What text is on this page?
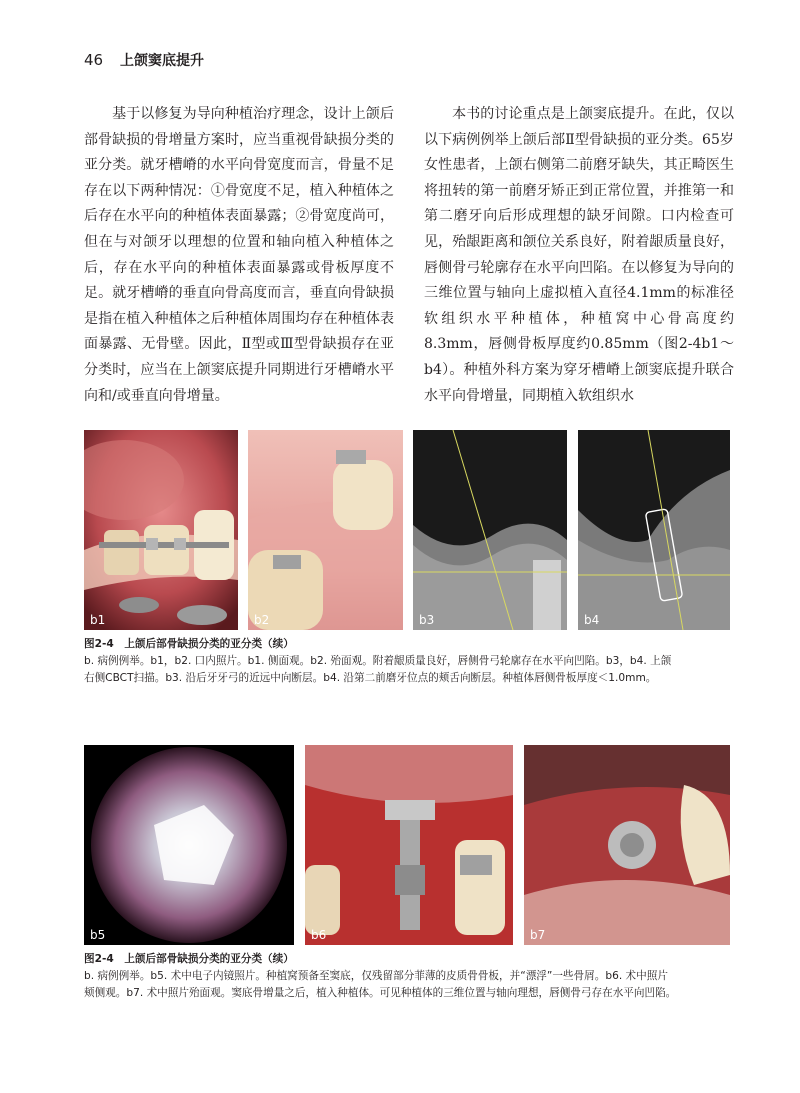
46 上颌窦底提升

基于以修复为导向种植治疗理念，设计上颌后部骨缺损的骨增量方案时，应当重视骨缺损分类的亚分类。就牙槽嵴的水平向骨宽度而言，骨量不足存在以下两种情况：①骨宽度不足，植入种植体之后存在水平向的种植体表面暴露；②骨宽度尚可，但在与对颌牙以理想的位置和轴向植入种植体之后，存在水平向的种植体表面暴露或骨板厚度不足。就牙槽嵴的垂直向骨高度而言，垂直向骨缺损是指在植入种植体之后种植体周围均存在种植体表面暴露、无骨壁。因此，Ⅱ型或Ⅲ型骨缺损存在亚分类时，应当在上颌窦底提升同期进行牙槽嵴水平向和/或垂直向骨增量。

本书的讨论重点是上颌窦底提升。在此，仅以以下病例例举上颌后部Ⅱ型骨缺损的亚分类。65岁女性患者，上颌右侧第二前磨牙缺失，其正畸医生将扭转的第一前磨牙矫正到正常位置，并推第一和第二磨牙向后形成理想的缺牙间隙。口内检查可见，殆龈距离和颌位关系良好，附着龈质量良好，唇侧骨弓轮廓存在水平向凹陷。在以修复为导向的三维位置与轴向上虚拟植入直径4.1mm的标准径软组织水平种植体，种植窝中心骨高度约8.3mm，唇侧骨板厚度约0.85mm（图2-4b1～b4）。种植外科方案为穿牙槽嵴上颌窦底提升联合水平向骨增量，同期植入软组织水

b1	b2	b3	b4
图2-4　上颌后部骨缺损分类的亚分类（续）
b. 病例例举。b1，b2. 口内照片。b1. 侧面观。b2. 殆面观。附着龈质量良好，唇侧骨弓轮廓存在水平向凹陷。b3，b4. 上颌
右侧CBCT扫描。b3. 沿后牙牙弓的近远中向断层。b4. 沿第二前磨牙位点的颊舌向断层。种植体唇侧骨板厚度＜1.0mm。
b5	b6	b7
图2-4　上颌后部骨缺损分类的亚分类（续）
b. 病例例举。b5. 术中电子内镜照片。种植窝预备至窦底，仅残留部分菲薄的皮质骨骨板，并“漂浮”一些骨屑。b6. 术中照片
颊侧观。b7. 术中照片殆面观。窦底骨增量之后，植入种植体。可见种植体的三维位置与轴向理想，唇侧骨弓存在水平向凹陷。
